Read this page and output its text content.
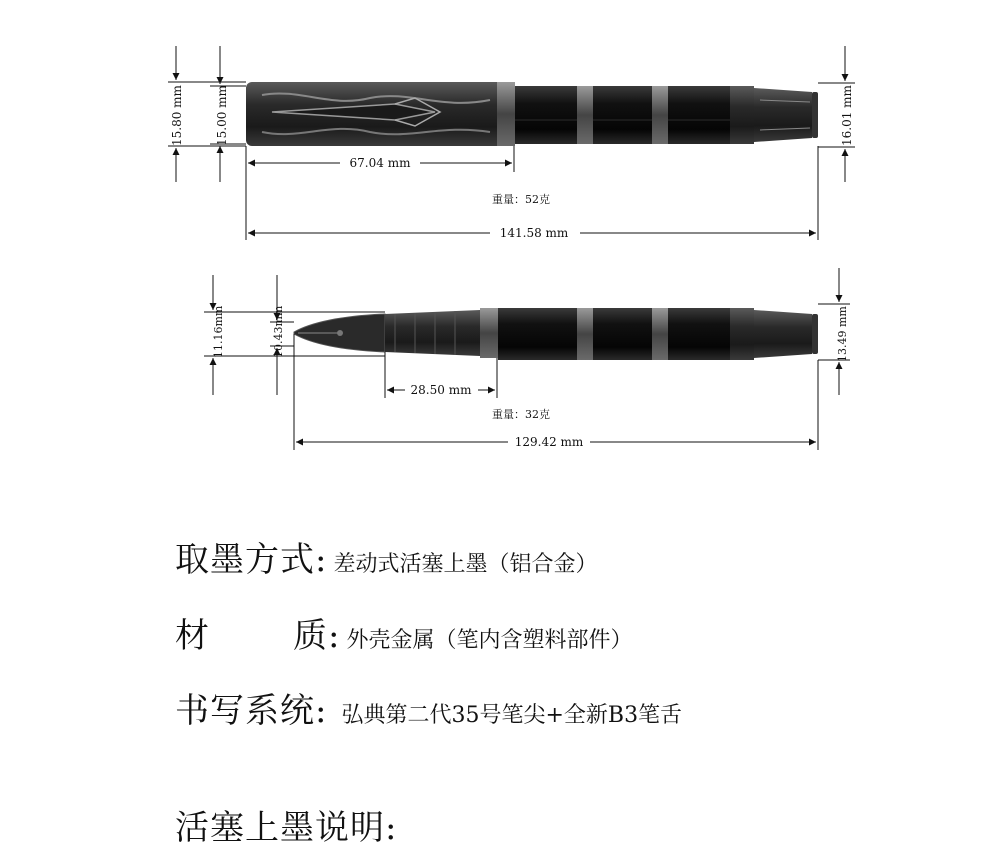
15.80 mm	15.00 mm	16.01 mm
67.04 mm
重量：52克
141.58 mm
11.16mm	10.43mm	13.49 mm
28.50 mm
重量：32克
129.42 mm
取墨方式: 差动式活塞上墨（铝合金）
材	质: 外壳金属（笔内含塑料部件）
书写系统: 弘典第二代35号笔尖+全新B3笔舌
活塞上墨说明:
